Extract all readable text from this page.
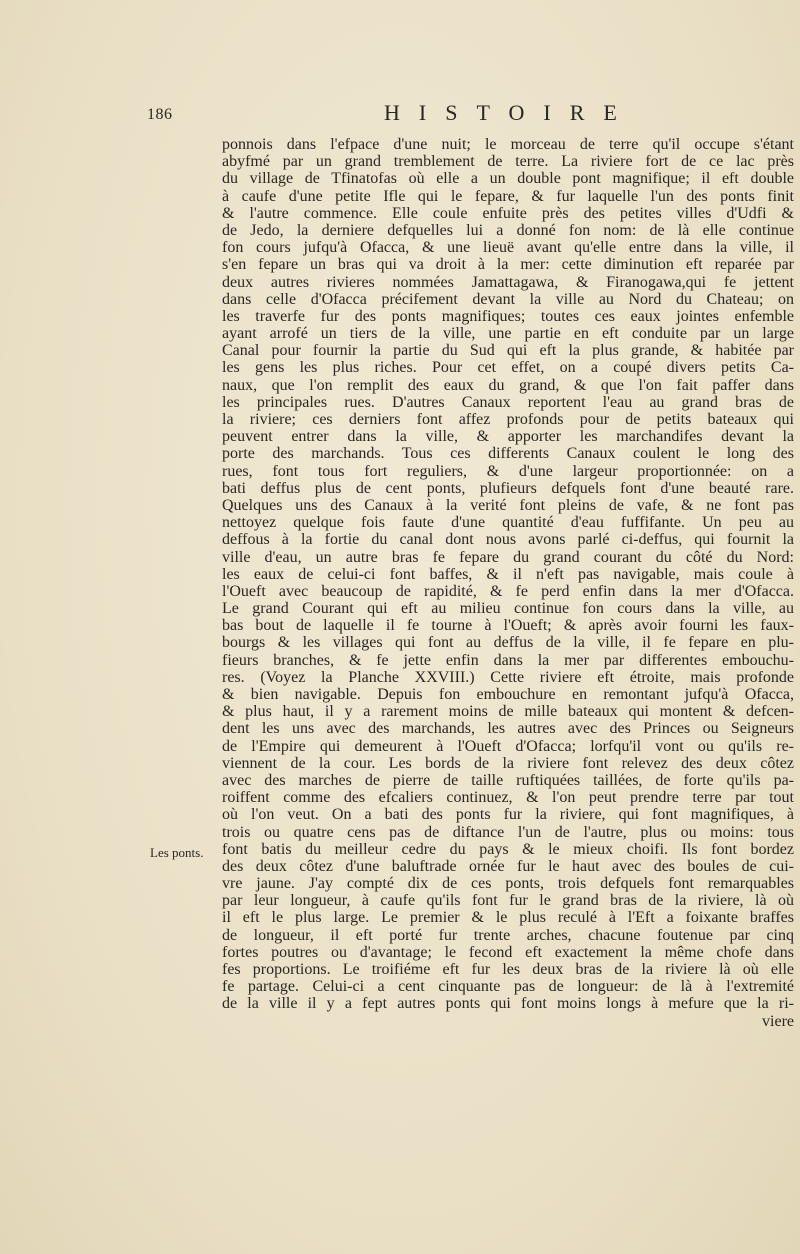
186	HISTOIRE
Les ponts.
ponnois dans l'efpace d'une nuit; le morceau de terre qu'il occupe s'étant
abyfmé par un grand tremblement de terre. La riviere fort de ce lac près
du village de Tfinatofas où elle a un double pont magnifique; il eft double
à caufe d'une petite Ifle qui le fepare, & fur laquelle l'un des ponts finit
& l'autre commence. Elle coule enfuite près des petites villes d'Udfi &
de Jedo, la derniere defquelles lui a donné fon nom: de là elle continue
fon cours jufqu'à Ofacca, & une lieuë avant qu'elle entre dans la ville, il
s'en fepare un bras qui va droit à la mer: cette diminution eft reparée par
deux autres rivieres nommées Jamattagawa, & Firanogawa,qui fe jettent
dans celle d'Ofacca précifement devant la ville au Nord du Chateau; on
les traverfe fur des ponts magnifiques; toutes ces eaux jointes enfemble
ayant arrofé un tiers de la ville, une partie en eft conduite par un large
Canal pour fournir la partie du Sud qui eft la plus grande, & habitée par
les gens les plus riches. Pour cet effet, on a coupé divers petits Ca-
naux, que l'on remplit des eaux du grand, & que l'on fait paffer dans
les principales rues. D'autres Canaux reportent l'eau au grand bras de
la riviere; ces derniers font affez profonds pour de petits bateaux qui
peuvent entrer dans la ville, & apporter les marchandifes devant la
porte des marchands. Tous ces differents Canaux coulent le long des
rues, font tous fort reguliers, & d'une largeur proportionnée: on a
bati deffus plus de cent ponts, plufieurs defquels font d'une beauté rare.
Quelques uns des Canaux à la verité font pleins de vafe, & ne font pas
nettoyez quelque fois faute d'une quantité d'eau fuffifante. Un peu au
deffous à la fortie du canal dont nous avons parlé ci-deffus, qui fournit la
ville d'eau, un autre bras fe fepare du grand courant du côté du Nord:
les eaux de celui-ci font baffes, & il n'eft pas navigable, mais coule à
l'Oueft avec beaucoup de rapidité, & fe perd enfin dans la mer d'Ofacca.
Le grand Courant qui eft au milieu continue fon cours dans la ville, au
bas bout de laquelle il fe tourne à l'Oueft; & après avoir fourni les faux-
bourgs & les villages qui font au deffus de la ville, il fe fepare en plu-
fieurs branches, & fe jette enfin dans la mer par differentes embouchu-
res. (Voyez la Planche XXVIII.) Cette riviere eft étroite, mais profonde
& bien navigable. Depuis fon embouchure en remontant jufqu'à Ofacca,
& plus haut, il y a rarement moins de mille bateaux qui montent & defcen-
dent les uns avec des marchands, les autres avec des Princes ou Seigneurs
de l'Empire qui demeurent à l'Oueft d'Ofacca; lorfqu'il vont ou qu'ils re-
viennent de la cour. Les bords de la riviere font relevez des deux côtez
avec des marches de pierre de taille ruftiquées taillées, de forte qu'ils pa-
roiffent comme des efcaliers continuez, & l'on peut prendre terre par tout
où l'on veut. On a bati des ponts fur la riviere, qui font magnifiques, à
trois ou quatre cens pas de diftance l'un de l'autre, plus ou moins: tous
font batis du meilleur cedre du pays & le mieux choifi. Ils font bordez
des deux côtez d'une baluftrade ornée fur le haut avec des boules de cui-
vre jaune. J'ay compté dix de ces ponts, trois defquels font remarquables
par leur longueur, à caufe qu'ils font fur le grand bras de la riviere, là où
il eft le plus large. Le premier & le plus reculé à l'Eft a foixante braffes
de longueur, il eft porté fur trente arches, chacune foutenue par cinq
fortes poutres ou d'avantage; le fecond eft exactement la même chofe dans
fes proportions. Le troifiéme eft fur les deux bras de la riviere là où elle
fe partage. Celui-ci a cent cinquante pas de longueur: de là à l'extremité
de la ville il y a fept autres ponts qui font moins longs à mefure que la ri-
viere
